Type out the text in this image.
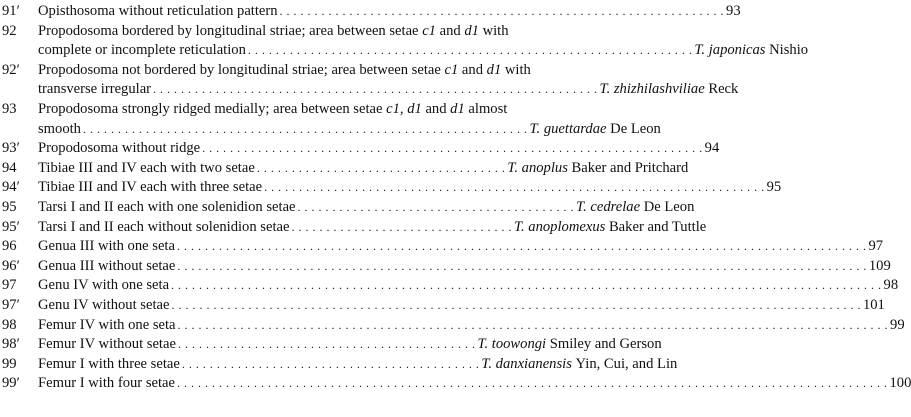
91′	Opisthosoma without reticulation pattern . . . . . . . . . . . . . . . . . . . . . . . . . . . . . . . . . . . . . . . . . . . . . . . . . . . . . . . . . . . . . . . . 93
92	Propodosoma bordered by longitudinal striae; area between setae c1 and d1 with
complete or incomplete reticulation . . . . . . . . . . . . . . . . . . . . . . . . . . . . . . . . . . . . . . . . . . . . . . . . . . . . . . . . . . . . . . . . T. japonicas Nishio
92′	Propodosoma not bordered by longitudinal striae; area between setae c1 and d1 with
transverse irregular . . . . . . . . . . . . . . . . . . . . . . . . . . . . . . . . . . . . . . . . . . . . . . . . . . . . . . . . . . . . . . . . T. zhizhilashviliae Reck
93	Propodosoma strongly ridged medially; area between setae c1, d1 and d1 almost
smooth . . . . . . . . . . . . . . . . . . . . . . . . . . . . . . . . . . . . . . . . . . . . . . . . . . . . . . . . . . . . . . . . T. guettardae De Leon
93′	Propodosoma without ridge . . . . . . . . . . . . . . . . . . . . . . . . . . . . . . . . . . . . . . . . . . . . . . . . . . . . . . . . . . . . . . . . . . . . . . . . 94
94	Tibiae III and IV each with two setae . . . . . . . . . . . . . . . . . . . . . . . . . . . . . . . . . . . . T. anoplus Baker and Pritchard
94′	Tibiae III and IV each with three setae . . . . . . . . . . . . . . . . . . . . . . . . . . . . . . . . . . . . . . . . . . . . . . . . . . . . . . . . . . . . . . . . . . . . . . . . 95
95	Tarsi I and II each with one solenidion setae . . . . . . . . . . . . . . . . . . . . . . . . . . . . . . . . . . . . . . . . T. cedrelae De Leon
95′	Tarsi I and II each without solenidion setae . . . . . . . . . . . . . . . . . . . . . . . . . . . . . . . . T. anoplomexus Baker and Tuttle
96	Genua III with one seta . . . . . . . . . . . . . . . . . . . . . . . . . . . . . . . . . . . . . . . . . . . . . . . . . . . . . . . . . . . . . . . . . . . . . . . . . . . . . . . . . . . . . . . . . . . . . . . . . . . 97
96′	Genua III without setae . . . . . . . . . . . . . . . . . . . . . . . . . . . . . . . . . . . . . . . . . . . . . . . . . . . . . . . . . . . . . . . . . . . . . . . . . . . . . . . . . . . . . . . . . . . . . . . . . . . 109
97	Genu IV with one seta . . . . . . . . . . . . . . . . . . . . . . . . . . . . . . . . . . . . . . . . . . . . . . . . . . . . . . . . . . . . . . . . . . . . . . . . . . . . . . . . . . . . . . . . . . . . . . . . . . . . . . 98
97′	Genu IV without setae . . . . . . . . . . . . . . . . . . . . . . . . . . . . . . . . . . . . . . . . . . . . . . . . . . . . . . . . . . . . . . . . . . . . . . . . . . . . . . . . . . . . . . . . . . . . . . . . . . . 101
98	Femur IV with one seta . . . . . . . . . . . . . . . . . . . . . . . . . . . . . . . . . . . . . . . . . . . . . . . . . . . . . . . . . . . . . . . . . . . . . . . . . . . . . . . . . . . . . . . . . . . . . . . . . . . . . . 99
98′	Femur IV without setae . . . . . . . . . . . . . . . . . . . . . . . . . . . . . . . . . . . . . . . . . . . T. toowongi Smiley and Gerson
99	Femur I with three setae . . . . . . . . . . . . . . . . . . . . . . . . . . . . . . . . . . . . . . . . . . . T. danxianensis Yin, Cui, and Lin
99′	Femur I with four setae . . . . . . . . . . . . . . . . . . . . . . . . . . . . . . . . . . . . . . . . . . . . . . . . . . . . . . . . . . . . . . . . . . . . . . . . . . . . . . . . . . . . . . . . . . . . . . . . . . . . . . 100
